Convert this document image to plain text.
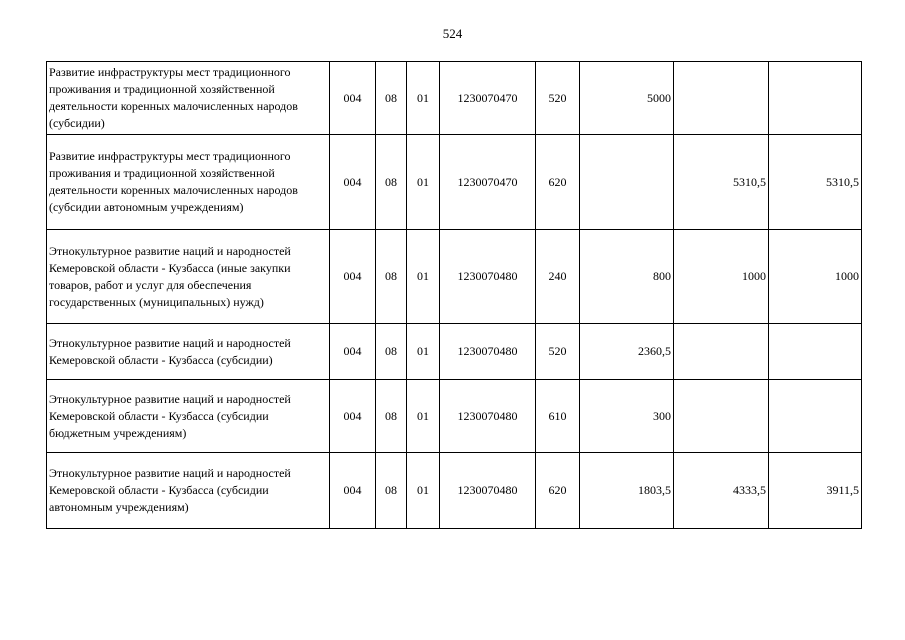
524
Развитие инфраструктуры мест традиционного проживания и традиционной хозяйственной деятельности коренных малочисленных народов (субсидии)	004	08	01	1230070470	520	5000		
Развитие инфраструктуры мест традиционного проживания и традиционной хозяйственной деятельности коренных малочисленных народов (субсидии автономным учреждениям)	004	08	01	1230070470	620		5310,5	5310,5
Этнокультурное развитие наций и народностей Кемеровской области - Кузбасса (иные закупки товаров, работ и услуг для обеспечения государственных (муниципальных) нужд)	004	08	01	1230070480	240	800	1000	1000
Этнокультурное развитие наций и народностей Кемеровской области - Кузбасса (субсидии)	004	08	01	1230070480	520	2360,5		
Этнокультурное развитие наций и народностей Кемеровской области - Кузбасса (субсидии бюджетным учреждениям)	004	08	01	1230070480	610	300		
Этнокультурное развитие наций и народностей Кемеровской области - Кузбасса (субсидии автономным учреждениям)	004	08	01	1230070480	620	1803,5	4333,5	3911,5
